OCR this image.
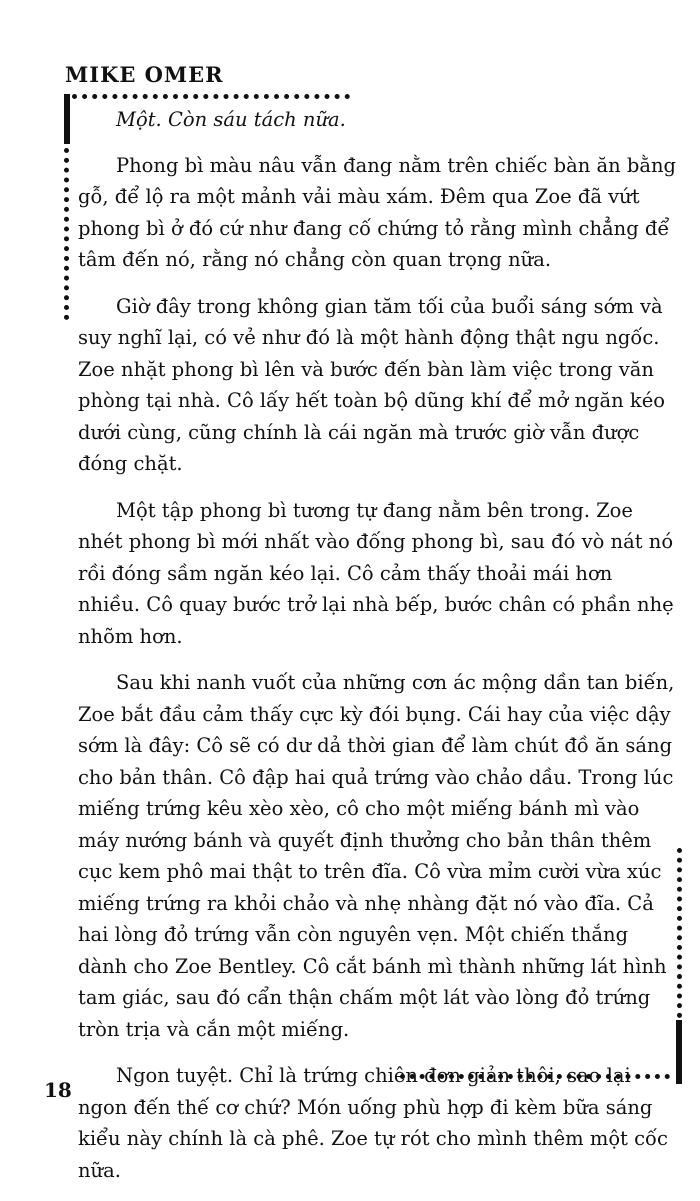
MIKE OMER

Một. Còn sáu tách nữa.

Phong bì màu nâu vẫn đang nằm trên chiếc bàn ăn bằng gỗ, để lộ ra một mảnh vải màu xám. Đêm qua Zoe đã vứt phong bì ở đó cứ như đang cố chứng tỏ rằng mình chẳng để tâm đến nó, rằng nó chẳng còn quan trọng nữa.

Giờ đây trong không gian tăm tối của buổi sáng sớm và suy nghĩ lại, có vẻ như đó là một hành động thật ngu ngốc. Zoe nhặt phong bì lên và bước đến bàn làm việc trong văn phòng tại nhà. Cô lấy hết toàn bộ dũng khí để mở ngăn kéo dưới cùng, cũng chính là cái ngăn mà trước giờ vẫn được đóng chặt.

Một tập phong bì tương tự đang nằm bên trong. Zoe nhét phong bì mới nhất vào đống phong bì, sau đó vò nát nó rồi đóng sầm ngăn kéo lại. Cô cảm thấy thoải mái hơn nhiều. Cô quay bước trở lại nhà bếp, bước chân có phần nhẹ nhõm hơn.

Sau khi nanh vuốt của những cơn ác mộng dần tan biến, Zoe bắt đầu cảm thấy cực kỳ đói bụng. Cái hay của việc dậy sớm là đây: Cô sẽ có dư dả thời gian để làm chút đồ ăn sáng cho bản thân. Cô đập hai quả trứng vào chảo dầu. Trong lúc miếng trứng kêu xèo xèo, cô cho một miếng bánh mì vào máy nướng bánh và quyết định thưởng cho bản thân thêm cục kem phô mai thật to trên đĩa. Cô vừa mỉm cười vừa xúc miếng trứng ra khỏi chảo và nhẹ nhàng đặt nó vào đĩa. Cả hai lòng đỏ trứng vẫn còn nguyên vẹn. Một chiến thắng dành cho Zoe Bentley. Cô cắt bánh mì thành những lát hình tam giác, sau đó cẩn thận chấm một lát vào lòng đỏ trứng tròn trịa và cắn một miếng.

Ngon tuyệt. Chỉ là trứng chiên đơn giản thôi, sao lại ngon đến thế cơ chứ? Món uống phù hợp đi kèm bữa sáng kiểu này chính là cà phê. Zoe tự rót cho mình thêm một cốc nữa.

18
